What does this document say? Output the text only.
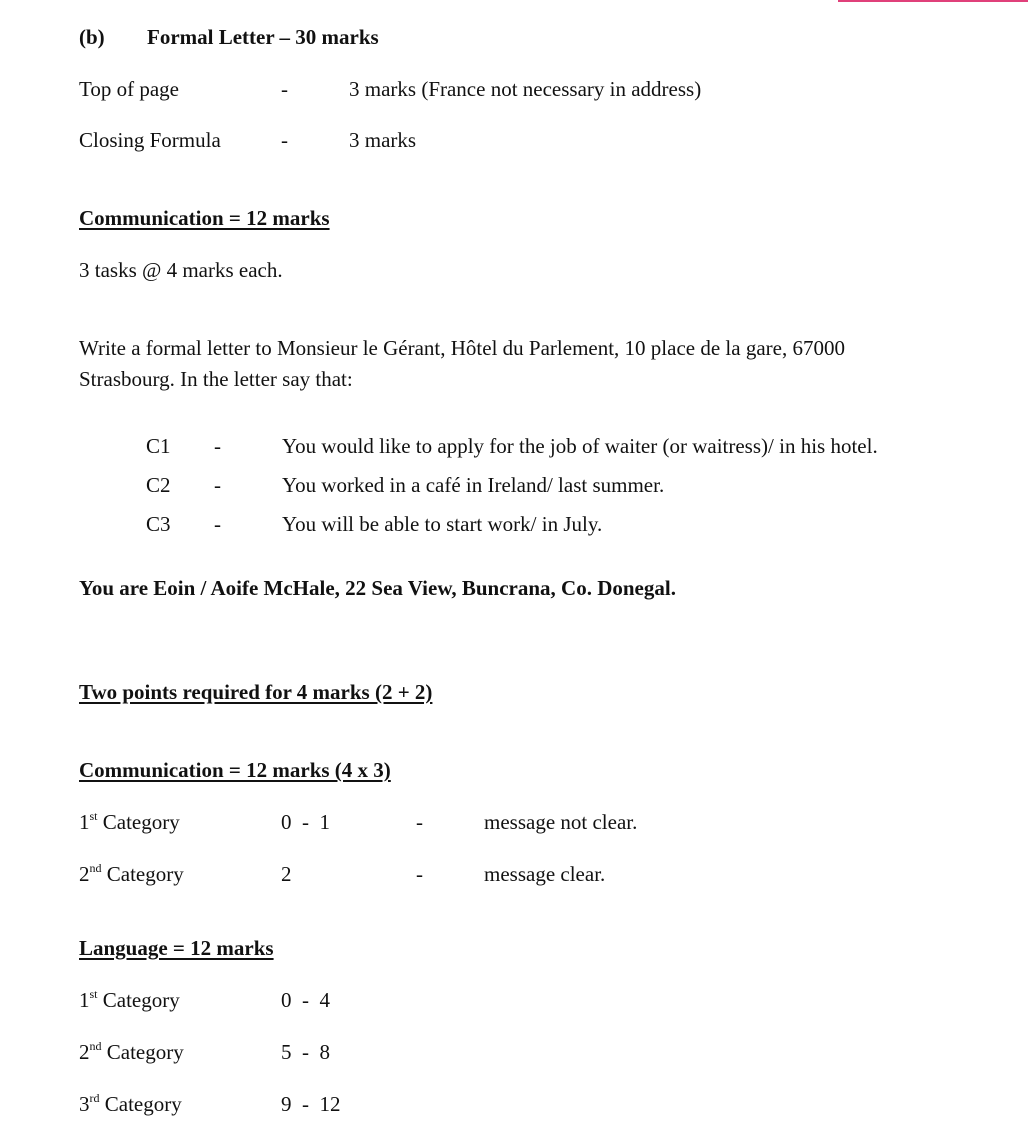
(b) Formal Letter – 30 marks
Top of page	-	3 marks (France not necessary in address)
Closing Formula	-	3 marks
Communication = 12 marks
3 tasks @ 4 marks each.
Write a formal letter to Monsieur le Gérant, Hôtel du Parlement, 10 place de la gare, 67000
Strasbourg. In the letter say that:
C1 -	You would like to apply for the job of waiter (or waitress)/ in his hotel.
C2 -	You worked in a café in Ireland/ last summer.
C3 -	You will be able to start work/ in July.
You are Eoin / Aoife McHale, 22 Sea View, Buncrana, Co. Donegal.
Two points required for 4 marks (2 + 2)
Communication = 12 marks (4 x 3)
1st Category	0  -  1	-	message not clear.
2nd Category	2	-	message clear.
Language = 12 marks
1st Category	0  -  4
2nd Category	5  -  8
3rd Category	9  -  12
